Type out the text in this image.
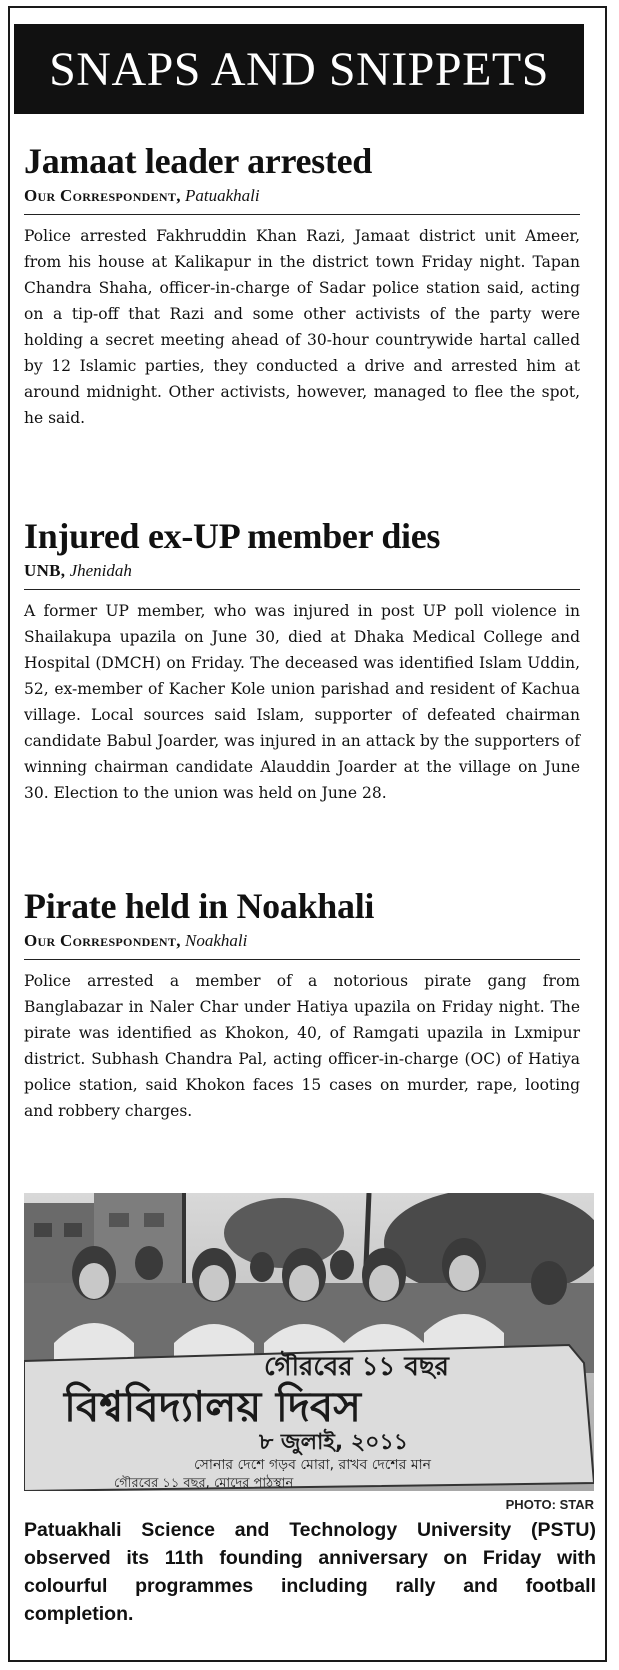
SNAPS AND SNIPPETS
Jamaat leader arrested
Our Correspondent, Patuakhali

Police arrested Fakhruddin Khan Razi, Jamaat district unit Ameer, from his house at Kalikapur in the district town Friday night. Tapan Chandra Shaha, officer-in-charge of Sadar police station said, acting on a tip-off that Razi and some other activists of the party were holding a secret meeting ahead of 30-hour countrywide hartal called by 12 Islamic parties, they conducted a drive and arrested him at around midnight. Other activists, however, managed to flee the spot, he said.

Injured ex-UP member dies
UNB, Jhenidah

A former UP member, who was injured in post UP poll violence in Shailakupa upazila on June 30, died at Dhaka Medical College and Hospital (DMCH) on Friday. The deceased was identified Islam Uddin, 52, ex-member of Kacher Kole union parishad and resident of Kachua village. Local sources said Islam, supporter of defeated chairman candidate Babul Joarder, was injured in an attack by the supporters of winning chairman candidate Alauddin Joarder at the village on June 30. Election to the union was held on June 28.

Pirate held in Noakhali
Our Correspondent, Noakhali

Police arrested a member of a notorious pirate gang from Banglabazar in Naler Char under Hatiya upazila on Friday night. The pirate was identified as Khokon, 40, of Ramgati upazila in Lxmipur district. Subhash Chandra Pal, acting officer-in-charge (OC) of Hatiya police station, said Khokon faces 15 cases on murder, rape, looting and robbery charges.

গৌরবের ১১ বছর
বিশ্ববিদ্যালয় দিবস
৮ জুলাই, ২০১১
সোনার দেশে গড়ব মোরা, রাখব দেশের মান
গৌরবের ১১ বছর, মোদের পাঠস্থান
PHOTO: STAR

Patuakhali Science and Technology University (PSTU) observed its 11th founding anniversary on Friday with colourful programmes including rally and football completion.
